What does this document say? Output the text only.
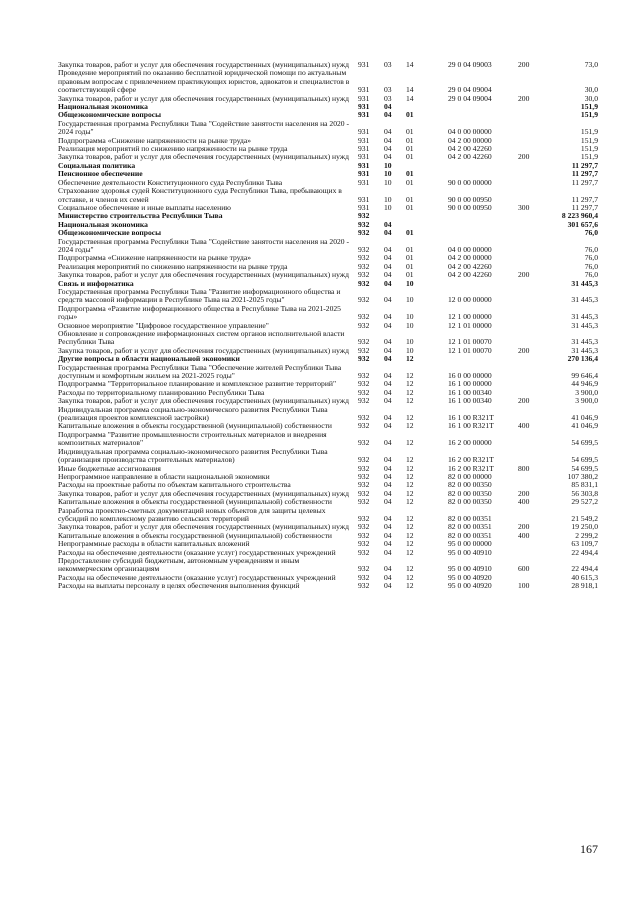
Закупка товаров, работ и услуг для обеспечения государственных (муниципальных) нужд	931	03	14	29 0 04 09003	200	73,0
Проведение мероприятий по оказанию бесплатной юридической помощи по актуальным правовым вопросам с привлечением практикующих юристов, адвокатов и специалистов в соответствующей сфере	931	03	14	29 0 04 09004		30,0
Закупка товаров, работ и услуг для обеспечения государственных (муниципальных) нужд	931	03	14	29 0 04 09004	200	30,0
Национальная экономика	931	04				151,9
Общеэкономические вопросы	931	04	01			151,9
Государственная программа Республики Тыва "Содействие занятости населения на 2020 - 2024 годы"	931	04	01	04 0 00 00000		151,9
Подпрограмма «Снижение напряженности на рынке труда»	931	04	01	04 2 00 00000		151,9
Реализация мероприятий по снижению напряженности на рынке труда	931	04	01	04 2 00 42260		151,9
Закупка товаров, работ и услуг для обеспечения государственных (муниципальных) нужд	931	04	01	04 2 00 42260	200	151,9
Социальная политика	931	10				11 297,7
Пенсионное обеспечение	931	10	01			11 297,7
Обеспечение деятельности Конституционного суда Республики Тыва	931	10	01	90 0 00 00000		11 297,7
Страхование здоровья судей Конституционного суда Республики Тыва, пребывающих в отставке, и членов их семей	931	10	01	90 0 00 00950		11 297,7
Социальное обеспечение и иные выплаты населению	931	10	01	90 0 00 00950	300	11 297,7
Министерство строительства Республики Тыва	932					8 223 960,4
Национальная экономика	932	04				301 657,6
Общеэкономические вопросы	932	04	01			76,0
Государственная программа Республики Тыва "Содействие занятости населения на 2020 - 2024 годы"	932	04	01	04 0 00 00000		76,0
Подпрограмма «Снижение напряженности на рынке труда»	932	04	01	04 2 00 00000		76,0
Реализация мероприятий по снижению напряженности на рынке труда	932	04	01	04 2 00 42260		76,0
Закупка товаров, работ и услуг для обеспечения государственных (муниципальных) нужд	932	04	01	04 2 00 42260	200	76,0
Связь и информатика	932	04	10			31 445,3
Государственная программа Республики Тыва "Развитие информационного общества и средств массовой информации в Республике Тыва на 2021-2025 годы"	932	04	10	12 0 00 00000		31 445,3
Подпрограмма «Развитие информационного общества в Республике Тыва на 2021-2025 годы»	932	04	10	12 1 00 00000		31 445,3
Основное мероприятие "Цифровое государственное управление"	932	04	10	12 1 01 00000		31 445,3
Обновление и сопровождение информационных систем органов исполнительной власти Республики Тыва	932	04	10	12 1 01 00070		31 445,3
Закупка товаров, работ и услуг для обеспечения государственных (муниципальных) нужд	932	04	10	12 1 01 00070	200	31 445,3
Другие вопросы в области национальной экономики	932	04	12			270 136,4
Государственная программа Республики Тыва "Обеспечение жителей Республики Тыва доступным и комфортным жильем на 2021-2025 годы"	932	04	12	16 0 00 00000		99 646,4
Подпрограмма "Территориальное планирование и комплексное развитие территорий"	932	04	12	16 1 00 00000		44 946,9
Расходы по территориальному планированию Республики Тыва	932	04	12	16 1 00 00340		3 900,0
Закупка товаров, работ и услуг для обеспечения государственных (муниципальных) нужд	932	04	12	16 1 00 00340	200	3 900,0
Индивидуальная программа социально-экономического развития Республики Тыва (реализация проектов комплексной застройки)	932	04	12	16 1 00 R321T		41 046,9
Капитальные вложения в объекты государственной (муниципальной) собственности	932	04	12	16 1 00 R321T	400	41 046,9
Подпрограмма "Развитие промышленности строительных материалов и внедрения композитных материалов"	932	04	12	16 2 00 00000		54 699,5
Индивидуальная программа социально-экономического развития Республики Тыва (организация производства строительных материалов)	932	04	12	16 2 00 R321T		54 699,5
Иные бюджетные ассигнования	932	04	12	16 2 00 R321T	800	54 699,5
Непрограммное направление в области национальной экономики	932	04	12	82 0 00 00000		107 380,2
Расходы на проектные работы по объектам капитального строительства	932	04	12	82 0 00 00350		85 831,1
Закупка товаров, работ и услуг для обеспечения государственных (муниципальных) нужд	932	04	12	82 0 00 00350	200	56 303,8
Капитальные вложения в объекты государственной (муниципальной) собственности	932	04	12	82 0 00 00350	400	29 527,2
Разработка проектно-сметных документаций новых объектов для защиты целевых субсидий по комплексному развитию сельских территорий	932	04	12	82 0 00 00351		21 549,2
Закупка товаров, работ и услуг для обеспечения государственных (муниципальных) нужд	932	04	12	82 0 00 00351	200	19 250,0
Капитальные вложения в объекты государственной (муниципальной) собственности	932	04	12	82 0 00 00351	400	2 299,2
Непрограммные расходы в области капитальных вложений	932	04	12	95 0 00 00000		63 109,7
Расходы на обеспечение деятельности (оказание услуг) государственных учреждений	932	04	12	95 0 00 40910		22 494,4
Предоставление субсидий бюджетным, автономным учреждениям и иным некоммерческим организациям	932	04	12	95 0 00 40910	600	22 494,4
Расходы на обеспечение деятельности (оказание услуг) государственных учреждений	932	04	12	95 0 00 40920		40 615,3
Расходы на выплаты персоналу в целях обеспечения выполнения функций	932	04	12	95 0 00 40920	100	28 918,1
167
